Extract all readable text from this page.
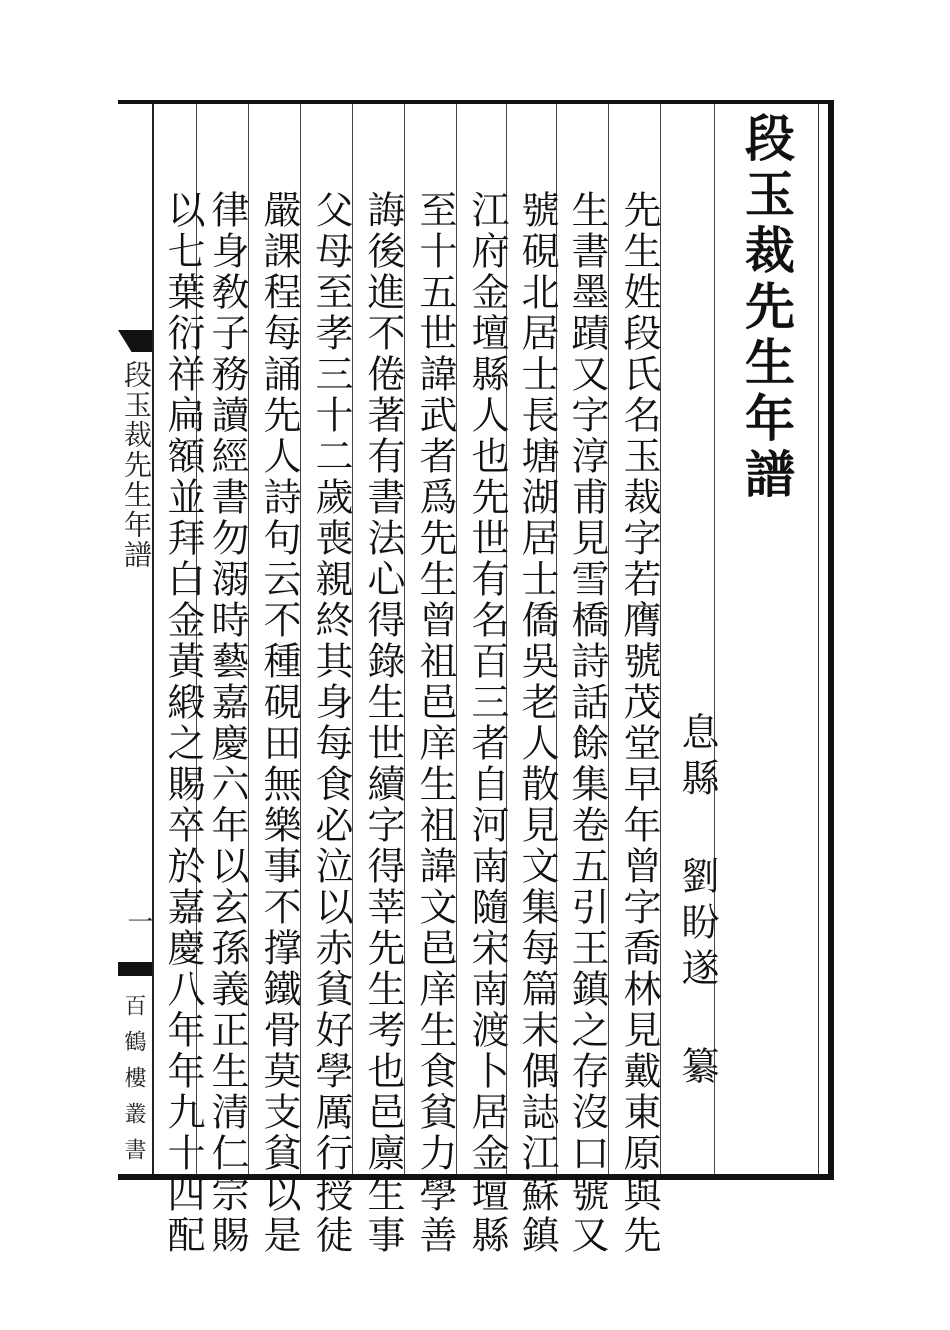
段玉裁先生年譜
息縣 劉盼遂 纂
先生姓段氏名玉裁字若膺號茂堂早年曾字喬林見戴東原與先
生書墨蹟又字淳甫見雪橋詩話餘集卷五引王鎮之存沒口號又
號硯北居士長塘湖居士僑吳老人散見文集每篇末偶誌江蘇鎮
江府金壇縣人也先世有名百三者自河南隨宋南渡卜居金壇縣
至十五世諱武者爲先生曾祖邑庠生祖諱文邑庠生食貧力學善
誨後進不倦著有書法心得錄生世續字得莘先生考也邑廪生事
父母至孝三十二歲喪親終其身每食必泣以赤貧好學厲行授徒
嚴課程每誦先人詩句云不種硯田無樂事不撑鐵骨莫支貧以是
律身敎子務讀經書勿溺時藝嘉慶六年以玄孫義正生清仁宗賜
以七葉衍祥扁額並拜白金黃緞之賜卒於嘉慶八年年九十四配
段玉裁先生年譜
一
百鶴樓叢書
